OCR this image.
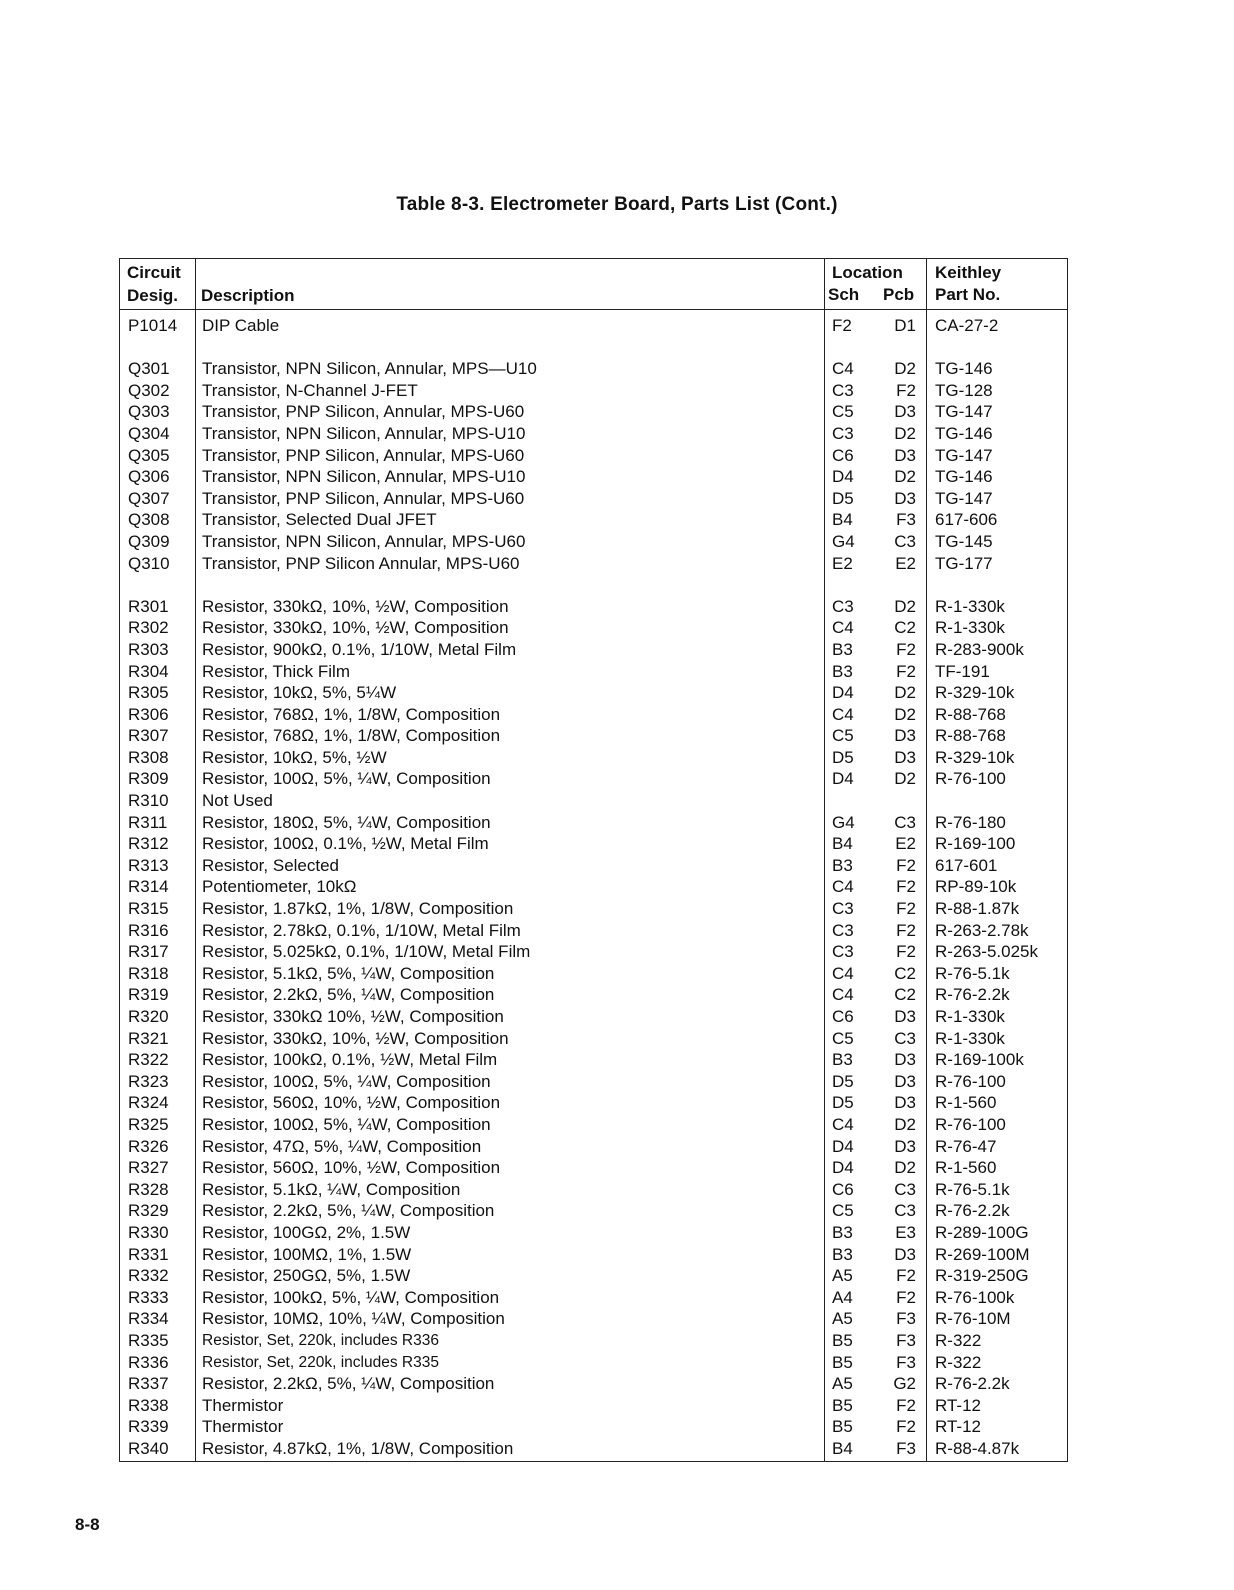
Table 8-3. Electrometer Board, Parts List (Cont.)
Circuit
Desig. Description
Location
Sch Pcb
Keithley
Part No.
P1014 DIP Cable	F2	D1 CA-27-2
Q301 Transistor, NPN Silicon, Annular, MPS—U10	C4	D2 TG-146
Q302 Transistor, N-Channel J-FET	C3	F2 TG-128
Q303 Transistor, PNP Silicon, Annular, MPS-U60	C5	D3 TG-147
Q304 Transistor, NPN Silicon, Annular, MPS-U10	C3	D2 TG-146
Q305 Transistor, PNP Silicon, Annular, MPS-U60	C6	D3 TG-147
Q306 Transistor, NPN Silicon, Annular, MPS-U10	D4	D2 TG-146
Q307 Transistor, PNP Silicon, Annular, MPS-U60	D5	D3 TG-147
Q308 Transistor, Selected Dual JFET	B4	F3 617-606
Q309 Transistor, NPN Silicon, Annular, MPS-U60	G4	C3 TG-145
Q310 Transistor, PNP Silicon Annular, MPS-U60	E2	E2 TG-177
R301 Resistor, 330kΩ, 10%, ½W, Composition	C3	D2 R-1-330k
R302 Resistor, 330kΩ, 10%, ½W, Composition	C4	C2 R-1-330k
R303 Resistor, 900kΩ, 0.1%, 1/10W, Metal Film	B3	F2 R-283-900k
R304 Resistor, Thick Film	B3	F2 TF-191
R305 Resistor, 10kΩ, 5%, 5¼W	D4	D2 R-329-10k
R306 Resistor, 768Ω, 1%, 1/8W, Composition	C4	D2 R-88-768
R307 Resistor, 768Ω, 1%, 1/8W, Composition	C5	D3 R-88-768
R308 Resistor, 10kΩ, 5%, ½W	D5	D3 R-329-10k
R309 Resistor, 100Ω, 5%, ¼W, Composition	D4	D2 R-76-100
R310 Not Used
R311 Resistor, 180Ω, 5%, ¼W, Composition	G4	C3 R-76-180
R312 Resistor, 100Ω, 0.1%, ½W, Metal Film	B4	E2 R-169-100
R313 Resistor, Selected	B3	F2 617-601
R314 Potentiometer, 10kΩ	C4	F2 RP-89-10k
R315 Resistor, 1.87kΩ, 1%, 1/8W, Composition	C3	F2 R-88-1.87k
R316 Resistor, 2.78kΩ, 0.1%, 1/10W, Metal Film	C3	F2 R-263-2.78k
R317 Resistor, 5.025kΩ, 0.1%, 1/10W, Metal Film	C3	F2 R-263-5.025k
R318 Resistor, 5.1kΩ, 5%, ¼W, Composition	C4	C2 R-76-5.1k
R319 Resistor, 2.2kΩ, 5%, ¼W, Composition	C4	C2 R-76-2.2k
R320 Resistor, 330kΩ 10%, ½W, Composition	C6	D3 R-1-330k
R321 Resistor, 330kΩ, 10%, ½W, Composition	C5	C3 R-1-330k
R322 Resistor, 100kΩ, 0.1%, ½W, Metal Film	B3	D3 R-169-100k
R323 Resistor, 100Ω, 5%, ¼W, Composition	D5	D3 R-76-100
R324 Resistor, 560Ω, 10%, ½W, Composition	D5	D3 R-1-560
R325 Resistor, 100Ω, 5%, ¼W, Composition	C4	D2 R-76-100
R326 Resistor, 47Ω, 5%, ¼W, Composition	D4	D3 R-76-47
R327 Resistor, 560Ω, 10%, ½W, Composition	D4	D2 R-1-560
R328 Resistor, 5.1kΩ, ¼W, Composition	C6	C3 R-76-5.1k
R329 Resistor, 2.2kΩ, 5%, ¼W, Composition	C5	C3 R-76-2.2k
R330 Resistor, 100GΩ, 2%, 1.5W	B3	E3 R-289-100G
R331 Resistor, 100MΩ, 1%, 1.5W	B3	D3 R-269-100M
R332 Resistor, 250GΩ, 5%, 1.5W	A5	F2 R-319-250G
R333 Resistor, 100kΩ, 5%, ¼W, Composition	A4	F2 R-76-100k
R334 Resistor, 10MΩ, 10%, ¼W, Composition	A5	F3 R-76-10M
R335 Resistor, Set, 220k, includes R336	B5	F3 R-322
R336 Resistor, Set, 220k, includes R335	B5	F3 R-322
R337 Resistor, 2.2kΩ, 5%, ¼W, Composition	A5	G2 R-76-2.2k
R338 Thermistor	B5	F2 RT-12
R339 Thermistor	B5	F2 RT-12
R340 Resistor, 4.87kΩ, 1%, 1/8W, Composition	B4	F3 R-88-4.87k
8-8
